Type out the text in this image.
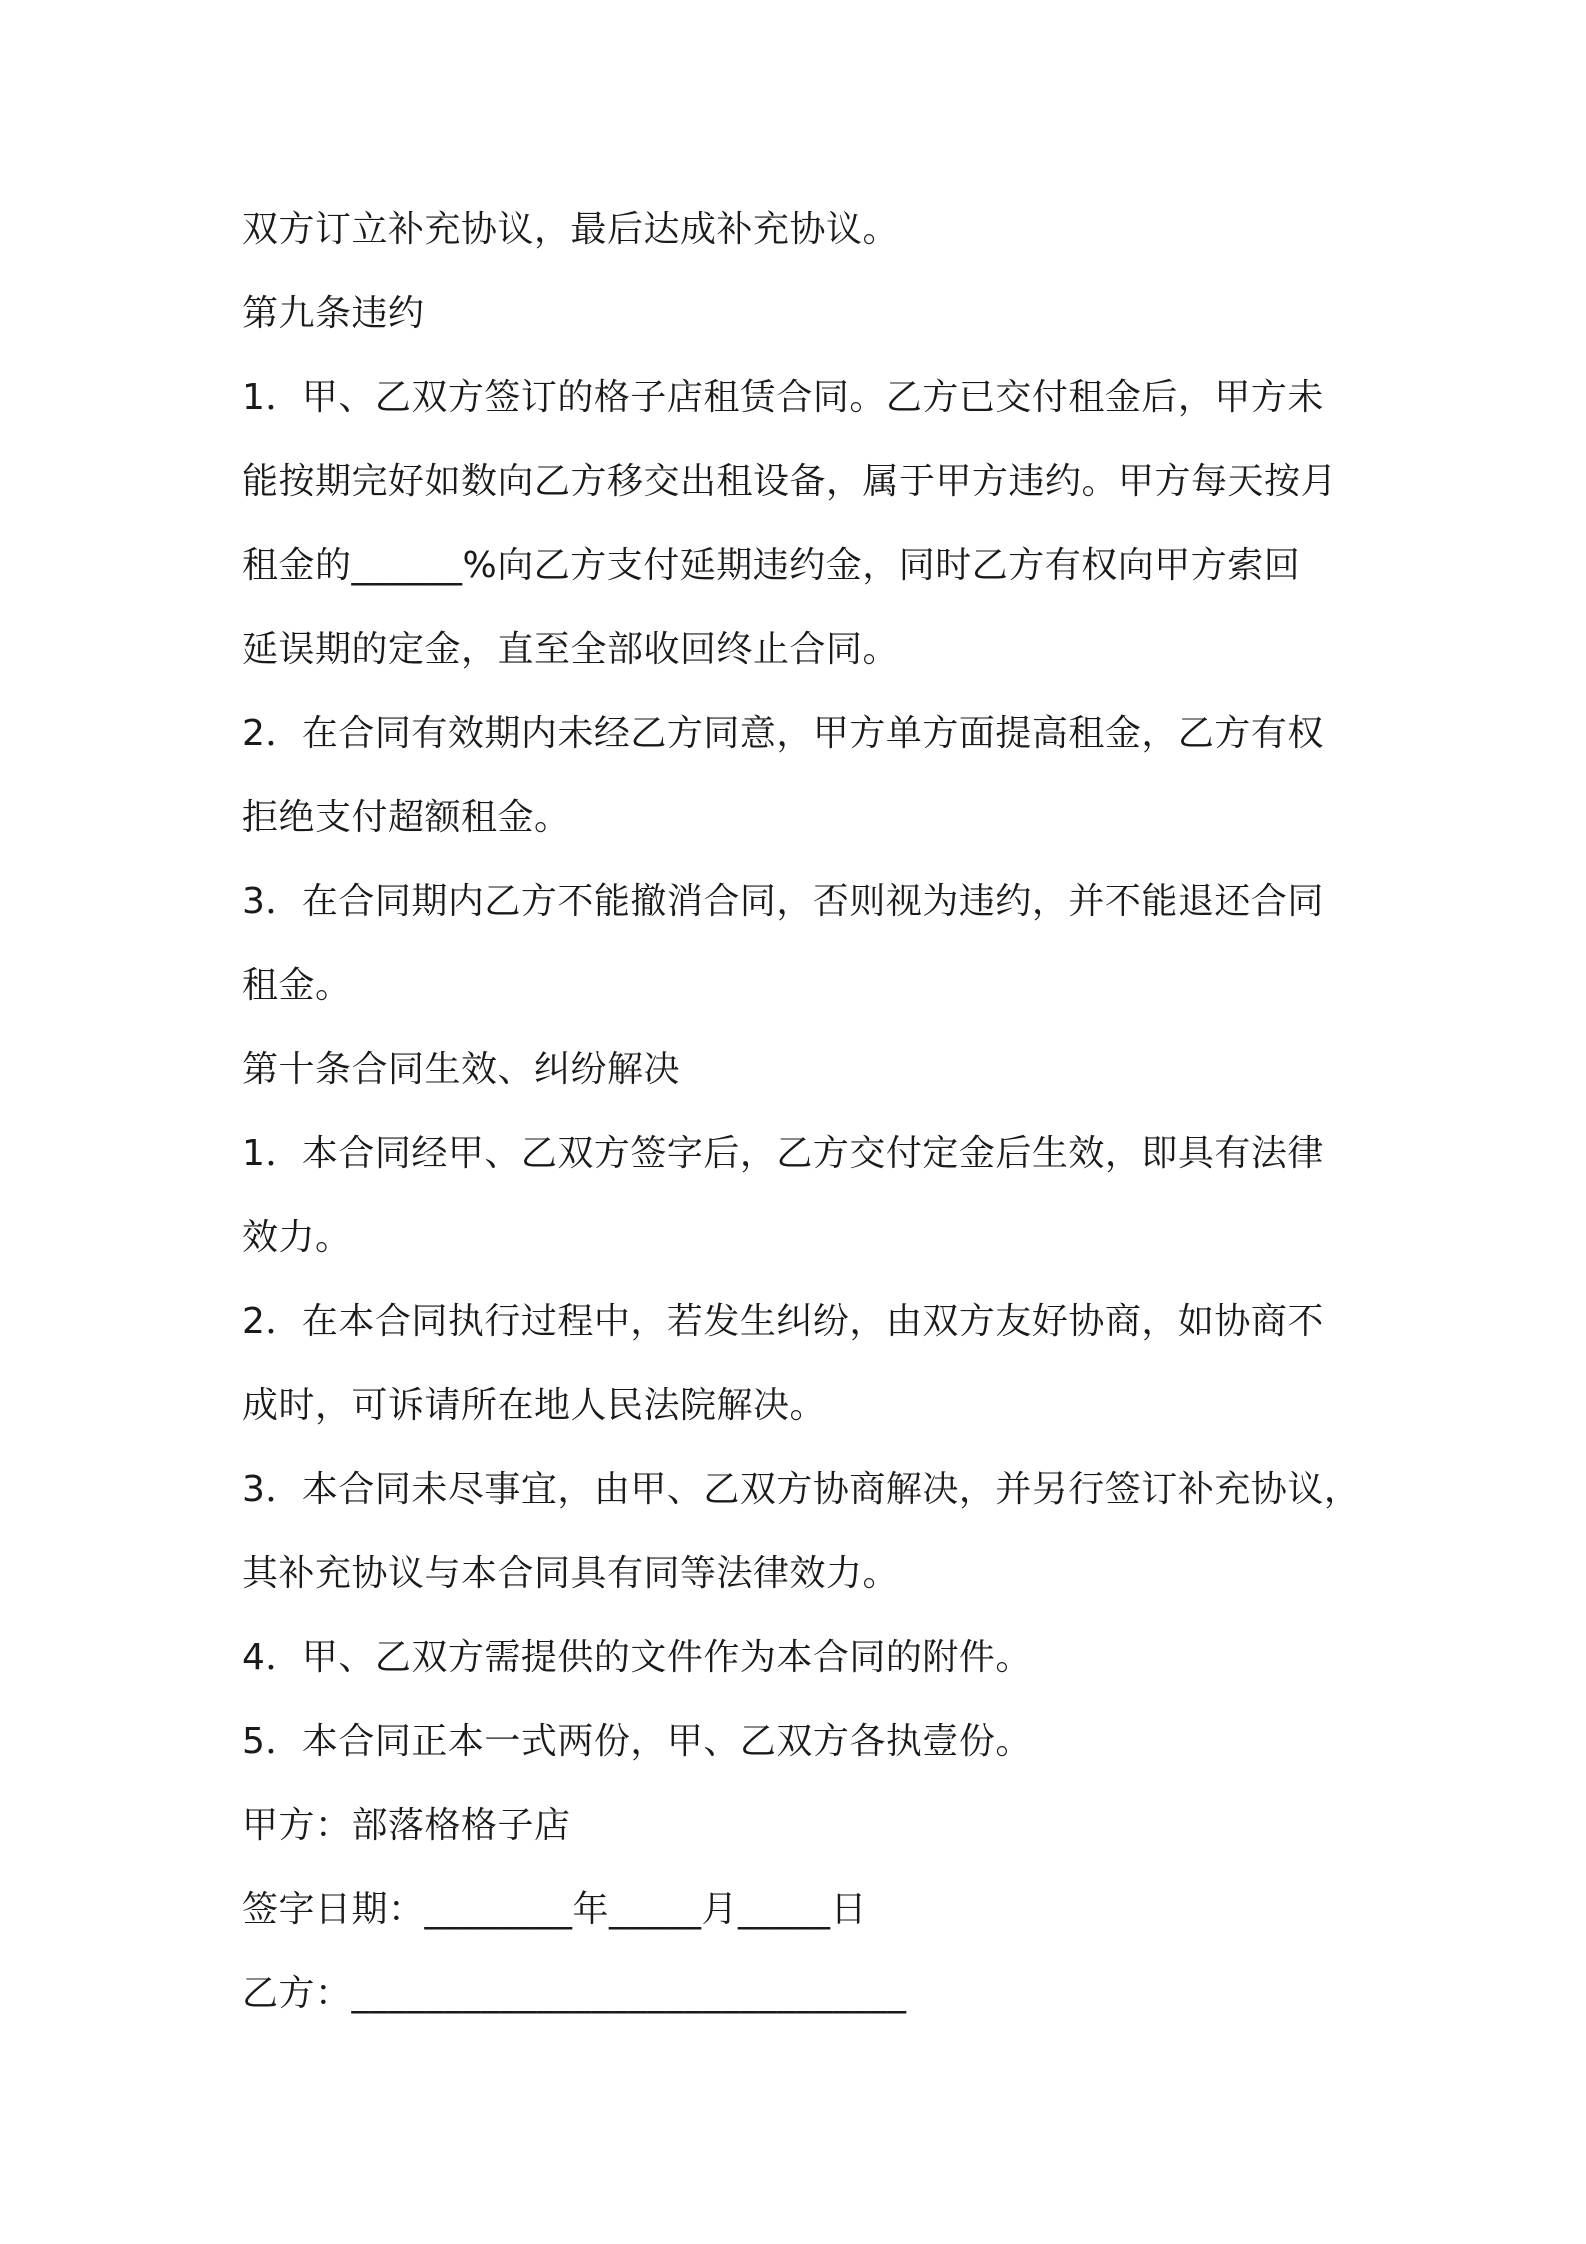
双方订立补充协议，最后达成补充协议。
第九条违约
1．甲、乙双方签订的格子店租赁合同。乙方已交付租金后，甲方未
能按期完好如数向乙方移交出租设备，属于甲方违约。甲方每天按月
租金的______%向乙方支付延期违约金，同时乙方有权向甲方索回
延误期的定金，直至全部收回终止合同。
2．在合同有效期内未经乙方同意，甲方单方面提高租金，乙方有权
拒绝支付超额租金。
3．在合同期内乙方不能撤消合同，否则视为违约，并不能退还合同
租金。
第十条合同生效、纠纷解决
1．本合同经甲、乙双方签字后，乙方交付定金后生效，即具有法律
效力。
2．在本合同执行过程中，若发生纠纷，由双方友好协商，如协商不
成时，可诉请所在地人民法院解决。
3．本合同未尽事宜，由甲、乙双方协商解决，并另行签订补充协议，
其补充协议与本合同具有同等法律效力。
4．甲、乙双方需提供的文件作为本合同的附件。
5．本合同正本一式两份，甲、乙双方各执壹份。
甲方：部落格格子店
签字日期：________年_____月_____日
乙方：______________________________
